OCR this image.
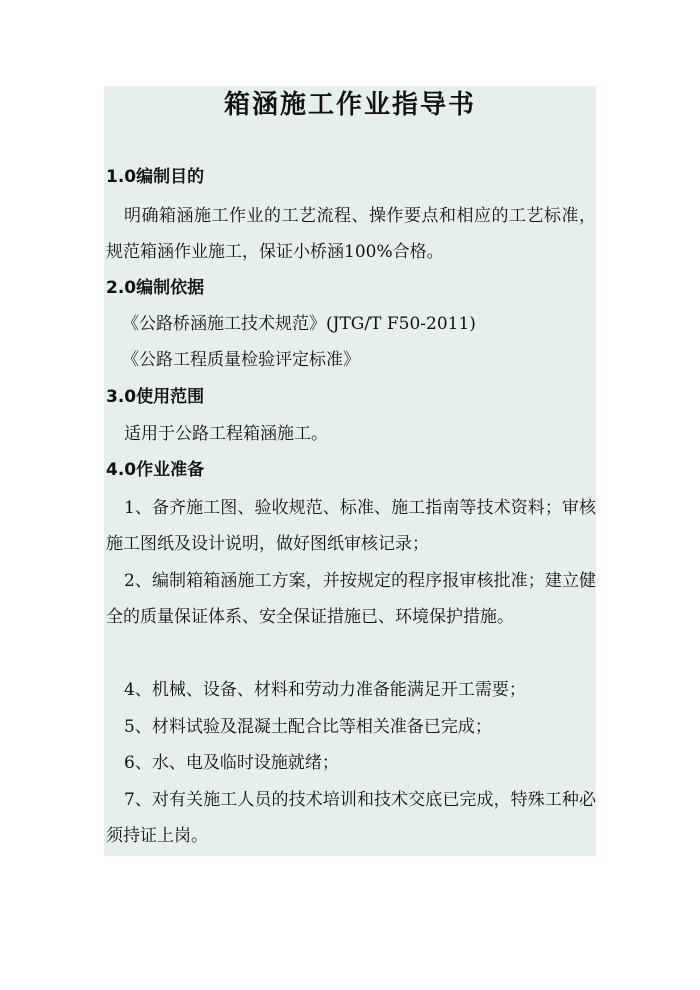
箱涵施工作业指导书
1.0编制目的
明确箱涵施工作业的工艺流程、操作要点和相应的工艺标准，规范箱涵作业施工，保证小桥涵100%合格。
2.0编制依据
《公路桥涵施工技术规范》(JTG/T F50-2011)
《公路工程质量检验评定标准》
3.0使用范围
适用于公路工程箱涵施工。
4.0作业准备
1、备齐施工图、验收规范、标准、施工指南等技术资料；审核施工图纸及设计说明，做好图纸审核记录；
2、编制箱箱涵施工方案，并按规定的程序报审核批准；建立健全的质量保证体系、安全保证措施已、环境保护措施。
4、机械、设备、材料和劳动力准备能满足开工需要；
5、材料试验及混凝土配合比等相关准备已完成；
6、水、电及临时设施就绪；
7、对有关施工人员的技术培训和技术交底已完成，特殊工种必须持证上岗。
